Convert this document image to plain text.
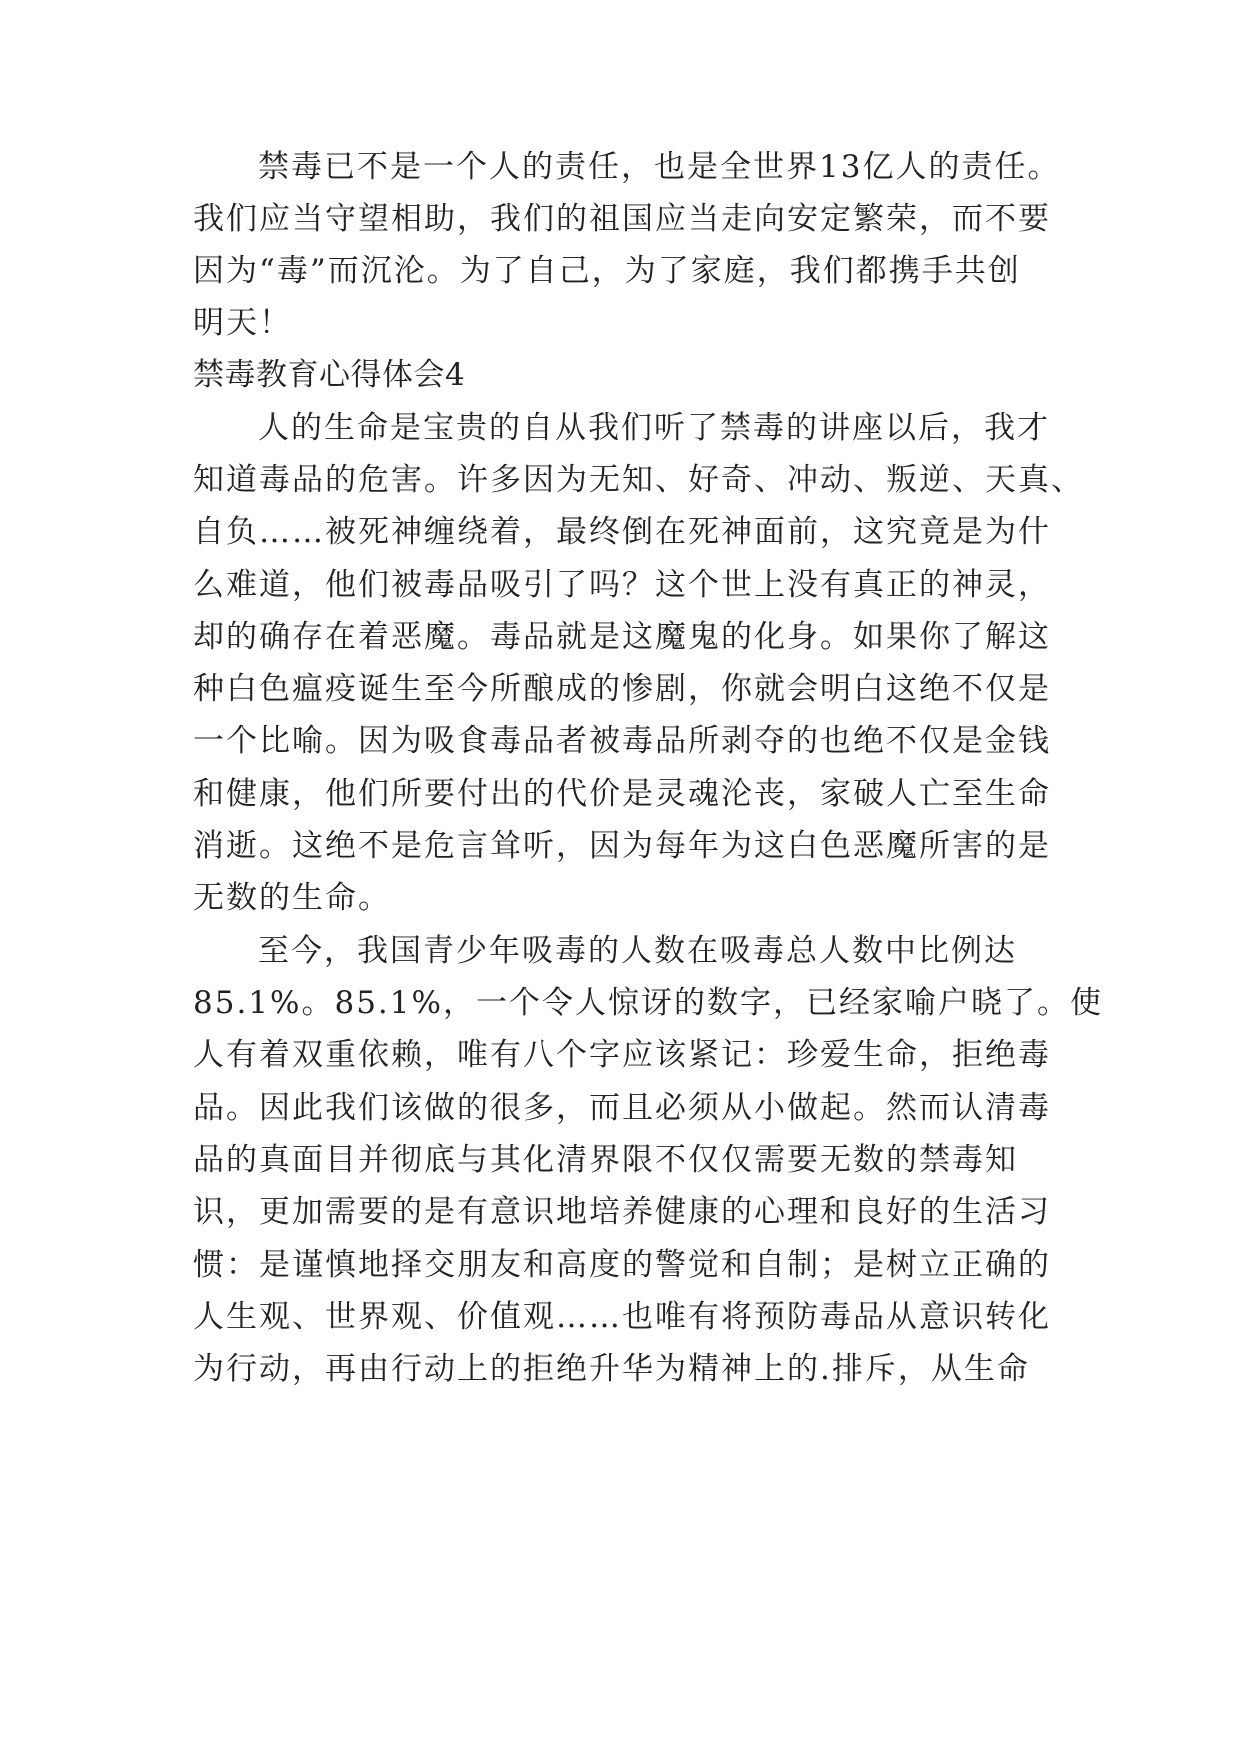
禁毒已不是一个人的责任，也是全世界13亿人的责任。
我们应当守望相助，我们的祖国应当走向安定繁荣，而不要
因为“毒”而沉沦。为了自己，为了家庭，我们都携手共创
明天！
禁毒教育心得体会4
人的生命是宝贵的自从我们听了禁毒的讲座以后，我才
知道毒品的危害。许多因为无知、好奇、冲动、叛逆、天真、
自负……被死神缠绕着，最终倒在死神面前，这究竟是为什
么难道，他们被毒品吸引了吗？这个世上没有真正的神灵，
却的确存在着恶魔。毒品就是这魔鬼的化身。如果你了解这
种白色瘟疫诞生至今所酿成的惨剧，你就会明白这绝不仅是
一个比喻。因为吸食毒品者被毒品所剥夺的也绝不仅是金钱
和健康，他们所要付出的代价是灵魂沦丧，家破人亡至生命
消逝。这绝不是危言耸听，因为每年为这白色恶魔所害的是
无数的生命。
至今，我国青少年吸毒的人数在吸毒总人数中比例达
85.1%。85.1%，一个令人惊讶的数字，已经家喻户晓了。使
人有着双重依赖，唯有八个字应该紧记：珍爱生命，拒绝毒
品。因此我们该做的很多，而且必须从小做起。然而认清毒
品的真面目并彻底与其化清界限不仅仅需要无数的禁毒知
识，更加需要的是有意识地培养健康的心理和良好的生活习
惯：是谨慎地择交朋友和高度的警觉和自制；是树立正确的
人生观、世界观、价值观……也唯有将预防毒品从意识转化
为行动，再由行动上的拒绝升华为精神上的.排斥，从生命
